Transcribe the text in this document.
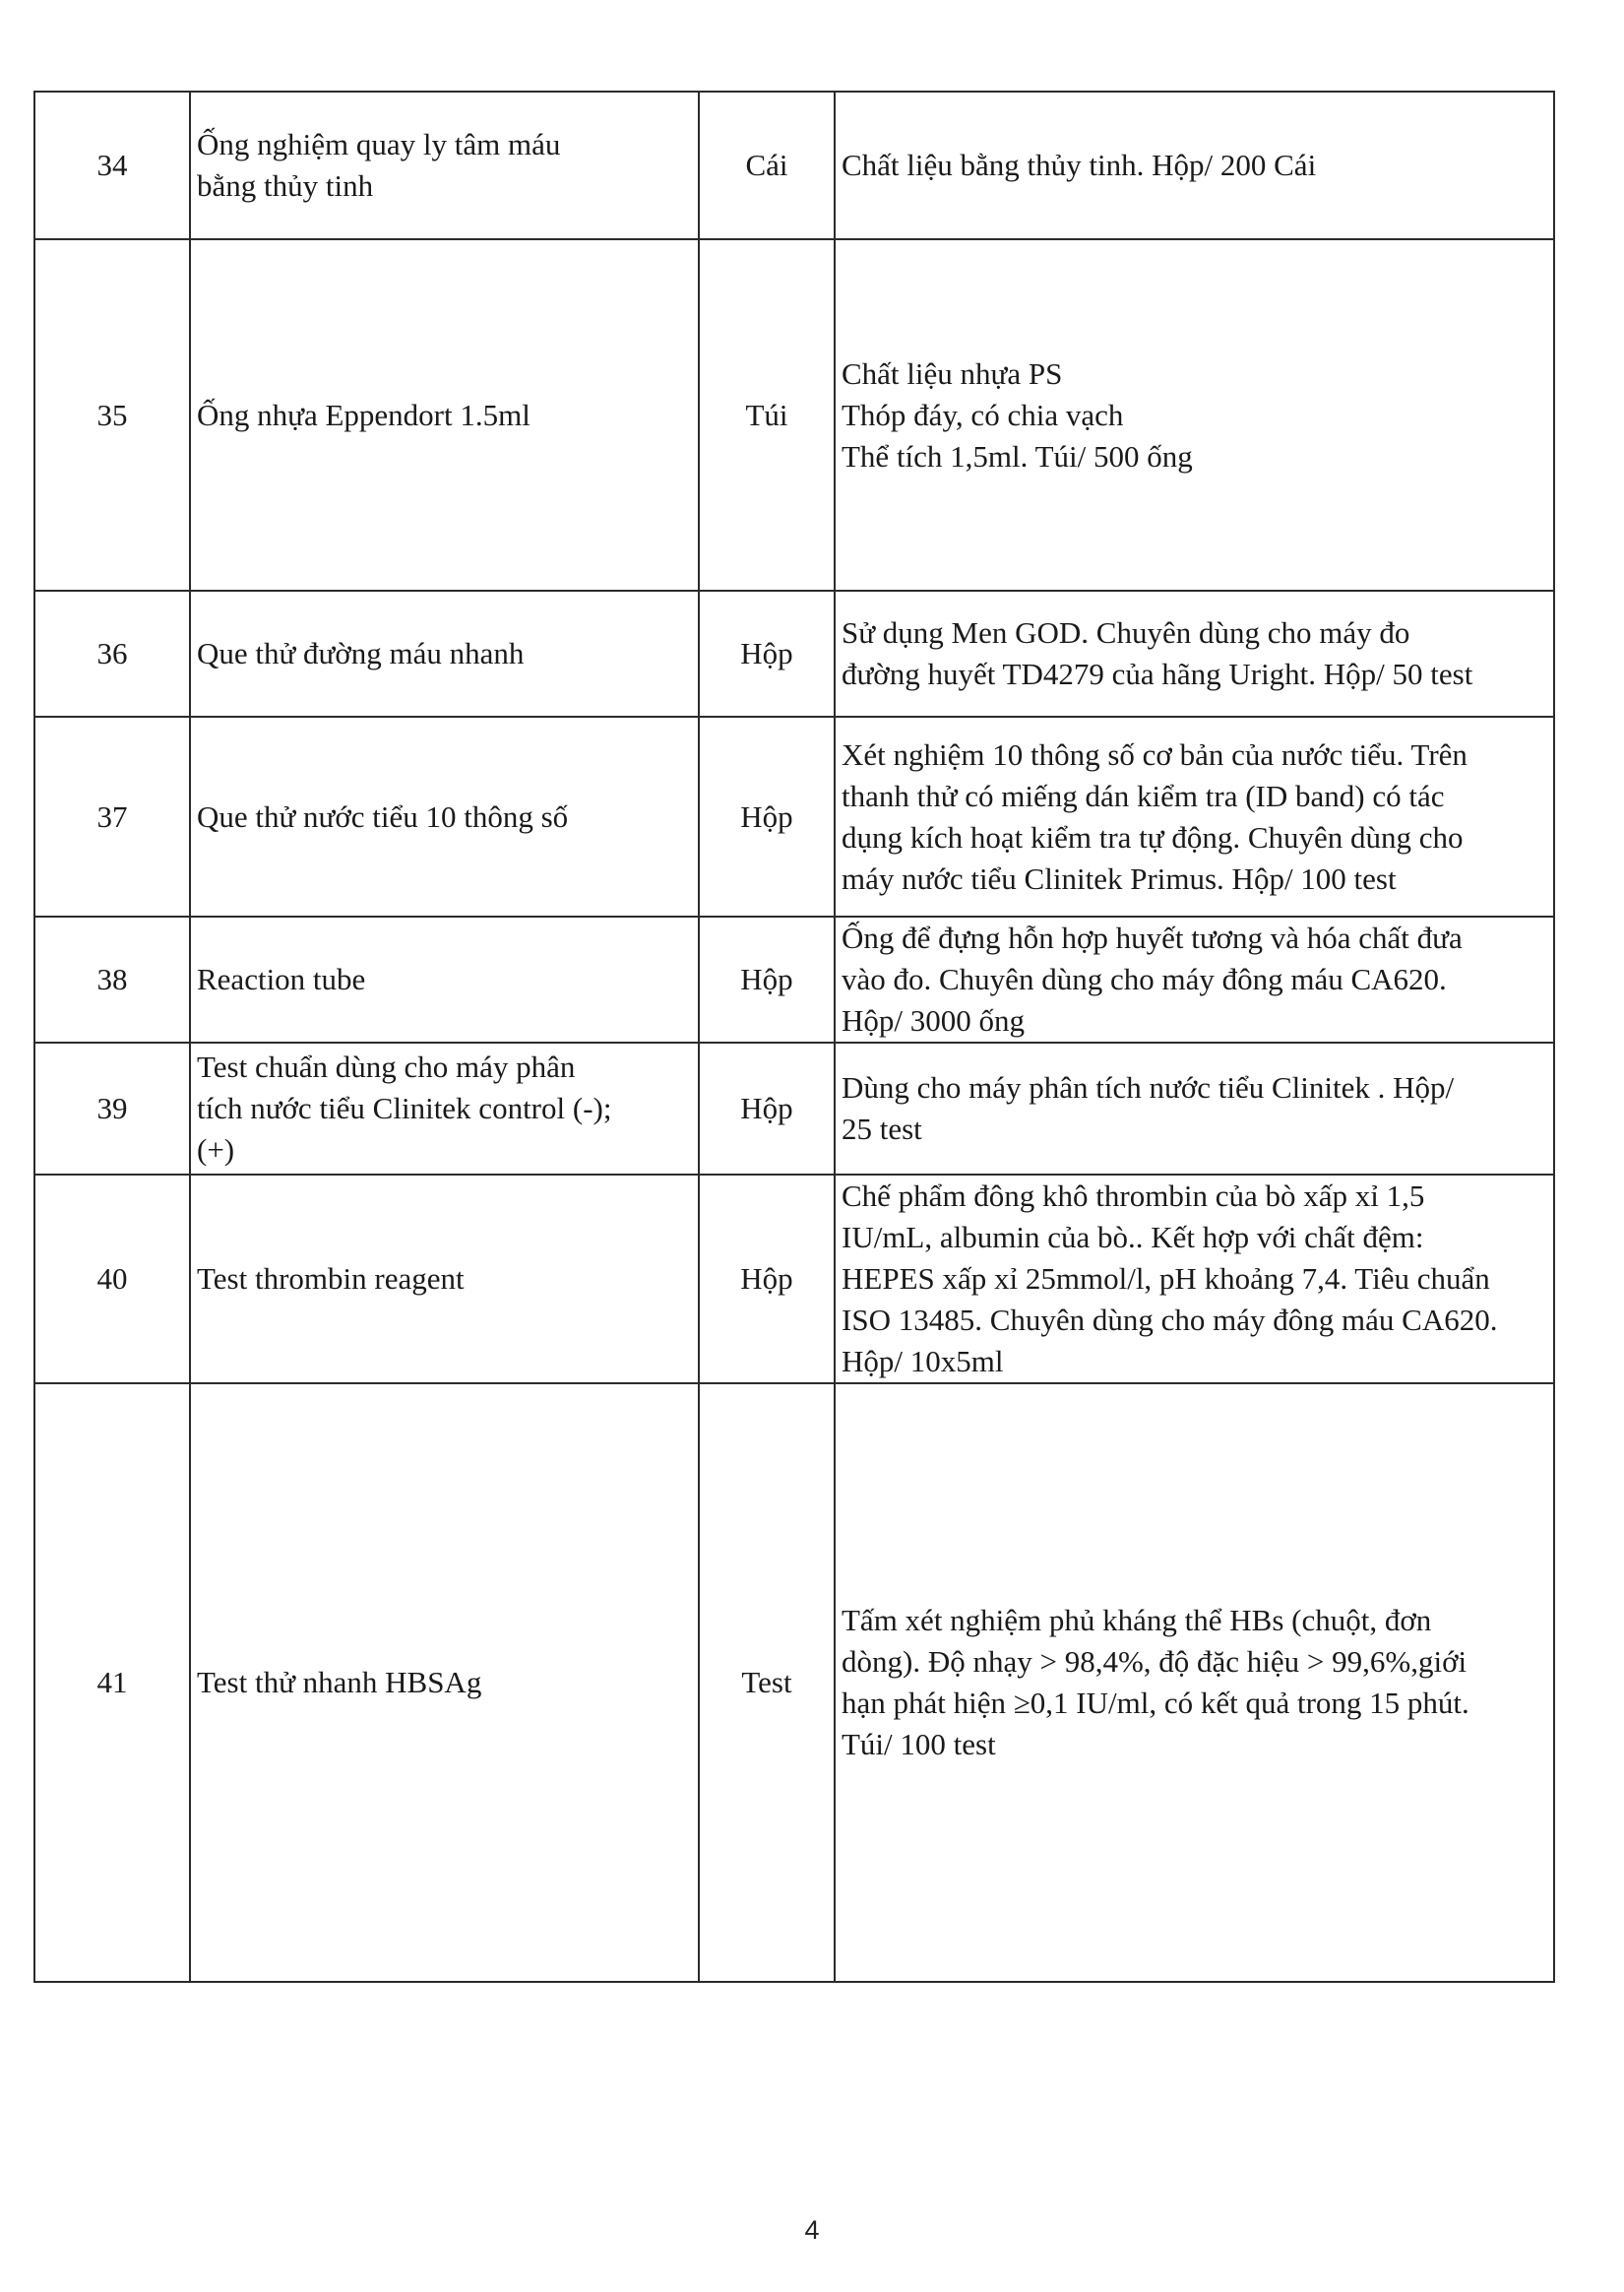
34	Ống nghiệm quay ly tâm máu
bằng thủy tinh	Cái	Chất liệu bằng thủy tinh. Hộp/ 200 Cái

35	Ống nhựa Eppendort 1.5ml	Túi	Chất liệu nhựa PS
Thóp đáy, có chia vạch
Thể tích 1,5ml. Túi/ 500 ống

36	Que thử đường máu nhanh	Hộp	Sử dụng Men GOD. Chuyên dùng cho máy đo
đường huyết TD4279 của hãng Uright. Hộp/ 50 test

37	Que thử nước tiểu 10 thông số	Hộp	Xét nghiệm 10 thông số cơ bản của nước tiểu. Trên
thanh thử có miếng dán kiểm tra (ID band) có tác
dụng kích hoạt kiểm tra tự động. Chuyên dùng cho
máy nước tiểu Clinitek Primus. Hộp/ 100 test

38	Reaction tube	Hộp	Ống để đựng hỗn hợp huyết tương và hóa chất đưa
vào đo. Chuyên dùng cho máy đông máu CA620.
Hộp/ 3000 ống

39	Test chuẩn dùng cho máy phân
tích nước tiểu Clinitek control (-);
(+)	Hộp	Dùng cho máy phân tích nước tiểu Clinitek . Hộp/
25 test

40	Test thrombin reagent	Hộp	Chế phẩm đông khô thrombin của bò xấp xỉ 1,5
IU/mL, albumin của bò.. Kết hợp với chất đệm:
HEPES xấp xỉ 25mmol/l, pH khoảng 7,4. Tiêu chuẩn
ISO 13485. Chuyên dùng cho máy đông máu CA620.
Hộp/ 10x5ml

41	Test thử nhanh HBSAg	Test	Tấm xét nghiệm phủ kháng thể HBs (chuột, đơn
dòng). Độ nhạy > 98,4%, độ đặc hiệu > 99,6%,giới
hạn phát hiện ≥0,1 IU/ml, có kết quả trong 15 phút.
Túi/ 100 test
4
